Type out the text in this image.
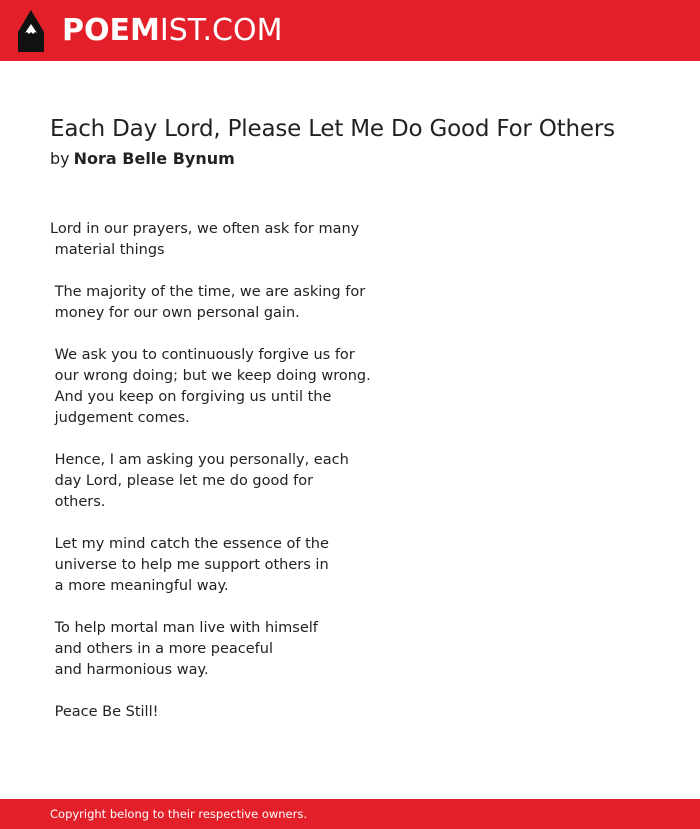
POEMIST.COM
Each Day Lord, Please Let Me Do Good For Others
by Nora Belle Bynum
Lord in our prayers, we often ask for many
material things
The majority of the time, we are asking for
money for our own personal gain.
We ask you to continuously forgive us for
our wrong doing; but we keep doing wrong.
And you keep on forgiving us until the
judgement comes.
Hence, I am asking you personally, each
day Lord, please let me do good for
others.
Let my mind catch the essence of the
universe to help me support others in
a more meaningful way.
To help mortal man live with himself
and others in a more peaceful
and harmonious way.
Peace Be Still!
Copyright belong to their respective owners.
